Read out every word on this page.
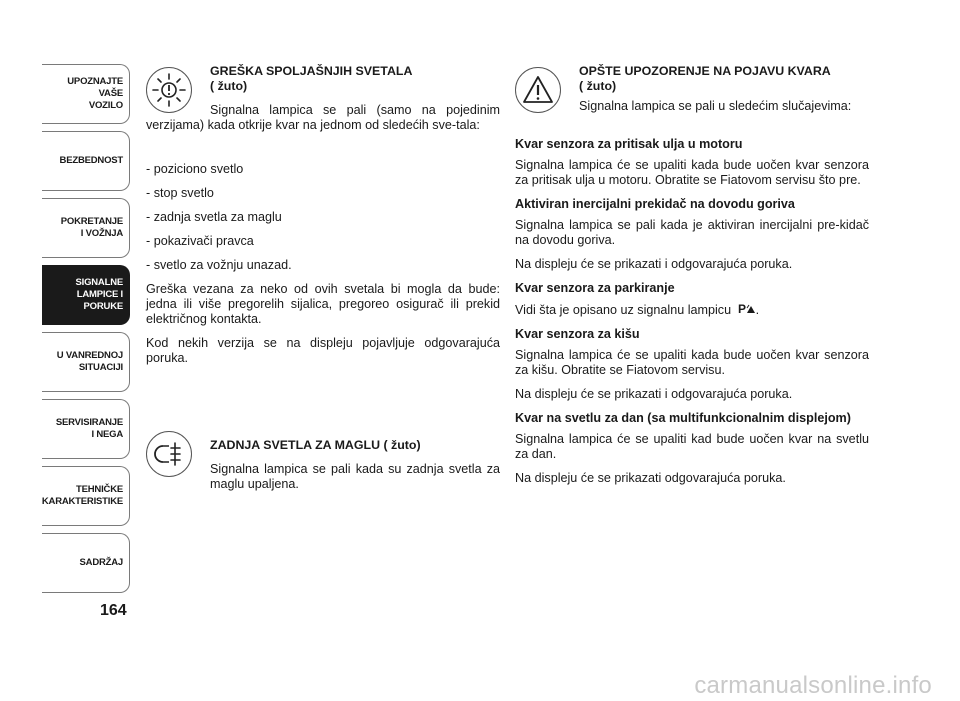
UPOZNAJTE
VAŠE
VOZILO
BEZBEDNOST
POKRETANJE
I VOŽNJA
SIGNALNE
LAMPICE I PORUKE
U VANREDNOJ
SITUACIJI
SERVISIRANJE
I NEGA
TEHNIČKE
KARAKTERISTIKE
SADRŽAJ
164

GREŠKA SPOLJAŠNJIH SVETALA

( žuto)

Signalna lampica se pali (samo na pojedinim verzijama) kada otkrije kvar na jednom od sledećih sve-tala:

- poziciono svetlo

- stop svetlo

- zadnja svetla za maglu

- pokazivači pravca

- svetlo za vožnju unazad.

Greška vezana za neko od ovih svetala bi mogla da bude: jedna ili više pregorelih sijalica, pregoreo osigurač ili prekid električnog kontakta.

Kod nekih verzija se na displeju pojavljuje odgovarajuća poruka.

ZADNJA SVETLA ZA MAGLU ( žuto)

Signalna lampica se pali kada su zadnja svetla za maglu upaljena.

OPŠTE UPOZORENJE NA POJAVU KVARA

( žuto)

Signalna lampica se pali u sledećim slučajevima:

Kvar senzora za pritisak ulja u motoru

Signalna lampica će se upaliti kada bude uočen kvar senzora za pritisak ulja u motoru. Obratite se Fiatovom servisu što pre.

Aktiviran inercijalni prekidač na dovodu goriva

Signalna lampica se pali kada je aktiviran inercijalni pre-kidač na dovodu goriva.

Na displeju će se prikazati i odgovarajuća poruka.

Kvar senzora za parkiranje

Vidi šta je opisano uz signalnu lampicu P .

Kvar senzora za kišu

Signalna lampica će se upaliti kada bude uočen kvar senzora za kišu. Obratite se Fiatovom servisu.

Na displeju će se prikazati i odgovarajuća poruka.

Kvar na svetlu za dan (sa multifunkcionalnim displejom)

Signalna lampica će se upaliti kad bude uočen kvar na svetlu za dan.

Na displeju će se prikazati odgovarajuća poruka.

carmanualsonline.info
